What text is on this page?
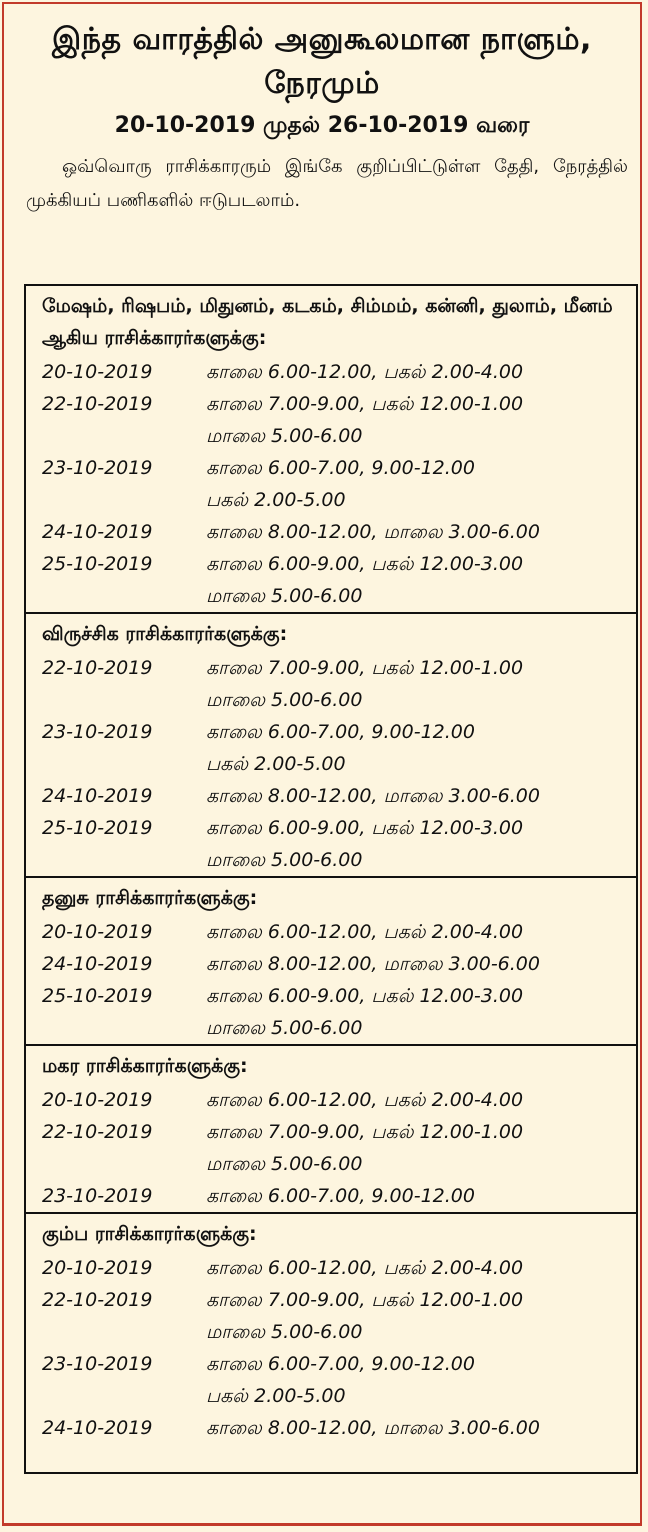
இந்த வாரத்தில் அனுகூலமான நாளும்,
நேரமும்
20-10-2019 முதல் 26-10-2019 வரை
ஒவ்வொரு ராசிக்காரரும் இங்கே குறிப்பிட்டுள்ள தேதி, நேரத்தில் முக்கியப் பணிகளில் ஈடுபடலாம்.
மேஷம், ரிஷபம், மிதுனம், கடகம், சிம்மம், கன்னி, துலாம், மீனம் ஆகிய ராசிக்காரர்களுக்கு:
20-10-2019	காலை 6.00-12.00, பகல் 2.00-4.00
22-10-2019	காலை 7.00-9.00, பகல் 12.00-1.00
மாலை 5.00-6.00
23-10-2019	காலை 6.00-7.00, 9.00-12.00
பகல் 2.00-5.00
24-10-2019	காலை 8.00-12.00, மாலை 3.00-6.00
25-10-2019	காலை 6.00-9.00, பகல் 12.00-3.00
மாலை 5.00-6.00
விருச்சிக ராசிக்காரர்களுக்கு:
22-10-2019	காலை 7.00-9.00, பகல் 12.00-1.00
மாலை 5.00-6.00
23-10-2019	காலை 6.00-7.00, 9.00-12.00
பகல் 2.00-5.00
24-10-2019	காலை 8.00-12.00, மாலை 3.00-6.00
25-10-2019	காலை 6.00-9.00, பகல் 12.00-3.00
மாலை 5.00-6.00
தனுசு ராசிக்காரர்களுக்கு:
20-10-2019	காலை 6.00-12.00, பகல் 2.00-4.00
24-10-2019	காலை 8.00-12.00, மாலை 3.00-6.00
25-10-2019	காலை 6.00-9.00, பகல் 12.00-3.00
மாலை 5.00-6.00
மகர ராசிக்காரர்களுக்கு:
20-10-2019	காலை 6.00-12.00, பகல் 2.00-4.00
22-10-2019	காலை 7.00-9.00, பகல் 12.00-1.00
மாலை 5.00-6.00
23-10-2019	காலை 6.00-7.00, 9.00-12.00
கும்ப ராசிக்காரர்களுக்கு:
20-10-2019	காலை 6.00-12.00, பகல் 2.00-4.00
22-10-2019	காலை 7.00-9.00, பகல் 12.00-1.00
மாலை 5.00-6.00
23-10-2019	காலை 6.00-7.00, 9.00-12.00
பகல் 2.00-5.00
24-10-2019	காலை 8.00-12.00, மாலை 3.00-6.00
